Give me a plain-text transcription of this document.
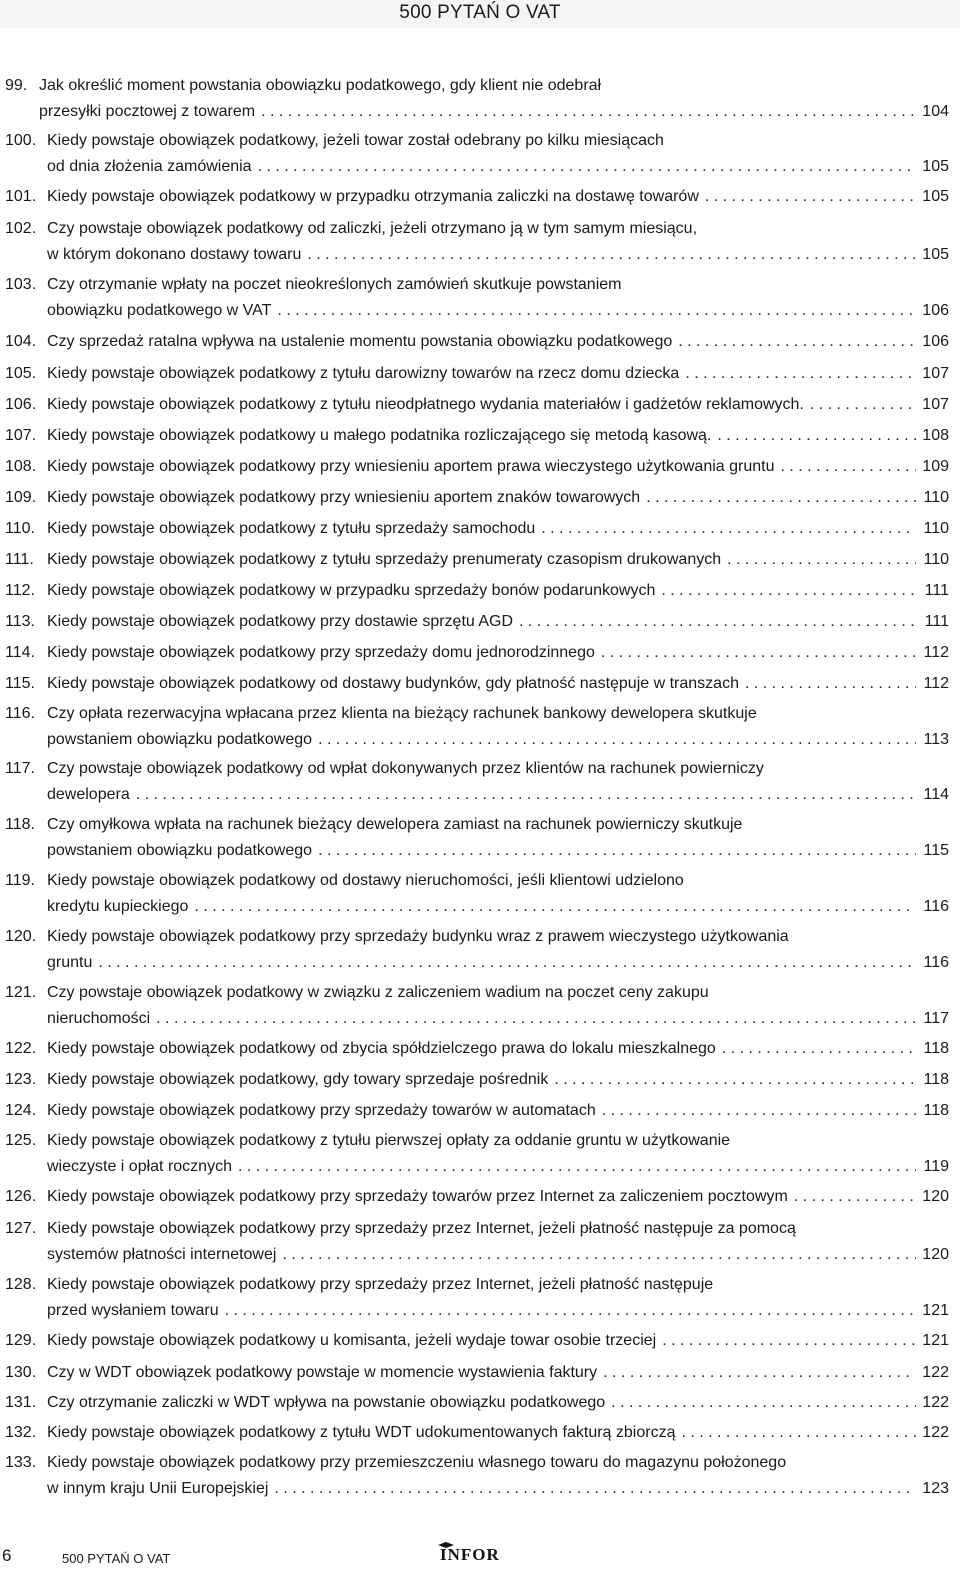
500 PYTAŃ O VAT
99. Jak określić moment powstania obowiązku podatkowego, gdy klient nie odebrał
przesyłki pocztowej z towarem . . .	104
100. Kiedy powstaje obowiązek podatkowy, jeżeli towar został odebrany po kilku miesiącach
od dnia złożenia zamówienia . . .	105
101. Kiedy powstaje obowiązek podatkowy w przypadku otrzymania zaliczki na dostawę towarów . . .	105
102. Czy powstaje obowiązek podatkowy od zaliczki, jeżeli otrzymano ją w tym samym miesiącu,
w którym dokonano dostawy towaru . . .	105
103. Czy otrzymanie wpłaty na poczet nieokreślonych zamówień skutkuje powstaniem
obowiązku podatkowego w VAT . . .	106
104. Czy sprzedaż ratalna wpływa na ustalenie momentu powstania obowiązku podatkowego . . .	106
105. Kiedy powstaje obowiązek podatkowy z tytułu darowizny towarów na rzecz domu dziecka . . .	107
106. Kiedy powstaje obowiązek podatkowy z tytułu nieodpłatnego wydania materiałów i gadżetów reklamowych. . . .	107
107. Kiedy powstaje obowiązek podatkowy u małego podatnika rozliczającego się metodą kasową. . . .	108
108. Kiedy powstaje obowiązek podatkowy przy wniesieniu aportem prawa wieczystego użytkowania gruntu . . .	109
109. Kiedy powstaje obowiązek podatkowy przy wniesieniu aportem znaków towarowych . . .	110
110. Kiedy powstaje obowiązek podatkowy z tytułu sprzedaży samochodu . . .	110
111. Kiedy powstaje obowiązek podatkowy z tytułu sprzedaży prenumeraty czasopism drukowanych . . .	110
112. Kiedy powstaje obowiązek podatkowy w przypadku sprzedaży bonów podarunkowych . . .	111
113. Kiedy powstaje obowiązek podatkowy przy dostawie sprzętu AGD . . .	111
114. Kiedy powstaje obowiązek podatkowy przy sprzedaży domu jednorodzinnego . . .	112
115. Kiedy powstaje obowiązek podatkowy od dostawy budynków, gdy płatność następuje w transzach . . .	112
116. Czy opłata rezerwacyjna wpłacana przez klienta na bieżący rachunek bankowy dewelopera skutkuje
powstaniem obowiązku podatkowego . . .	113
117. Czy powstaje obowiązek podatkowy od wpłat dokonywanych przez klientów na rachunek powierniczy
dewelopera . . .	114
118. Czy omyłkowa wpłata na rachunek bieżący dewelopera zamiast na rachunek powierniczy skutkuje
powstaniem obowiązku podatkowego . . .	115
119. Kiedy powstaje obowiązek podatkowy od dostawy nieruchomości, jeśli klientowi udzielono
kredytu kupieckiego . . .	116
120. Kiedy powstaje obowiązek podatkowy przy sprzedaży budynku wraz z prawem wieczystego użytkowania
gruntu . . .	116
121. Czy powstaje obowiązek podatkowy w związku z zaliczeniem wadium na poczet ceny zakupu
nieruchomości . . .	117
122. Kiedy powstaje obowiązek podatkowy od zbycia spółdzielczego prawa do lokalu mieszkalnego . . .	118
123. Kiedy powstaje obowiązek podatkowy, gdy towary sprzedaje pośrednik . . .	118
124. Kiedy powstaje obowiązek podatkowy przy sprzedaży towarów w automatach . . .	118
125. Kiedy powstaje obowiązek podatkowy z tytułu pierwszej opłaty za oddanie gruntu w użytkowanie
wieczyste i opłat rocznych . . .	119
126. Kiedy powstaje obowiązek podatkowy przy sprzedaży towarów przez Internet za zaliczeniem pocztowym . . .	120
127. Kiedy powstaje obowiązek podatkowy przy sprzedaży przez Internet, jeżeli płatność następuje za pomocą
systemów płatności internetowej . . .	120
128. Kiedy powstaje obowiązek podatkowy przy sprzedaży przez Internet, jeżeli płatność następuje
przed wysłaniem towaru . . .	121
129. Kiedy powstaje obowiązek podatkowy u komisanta, jeżeli wydaje towar osobie trzeciej . . .	121
130. Czy w WDT obowiązek podatkowy powstaje w momencie wystawienia faktury . . .	122
131. Czy otrzymanie zaliczki w WDT wpływa na powstanie obowiązku podatkowego . . .	122
132. Kiedy powstaje obowiązek podatkowy z tytułu WDT udokumentowanych fakturą zbiorczą . . .	122
133. Kiedy powstaje obowiązek podatkowy przy przemieszczeniu własnego towaru do magazynu położonego
w innym kraju Unii Europejskiej . . .	123
6	500 PYTAŃ O VAT	INFOR
